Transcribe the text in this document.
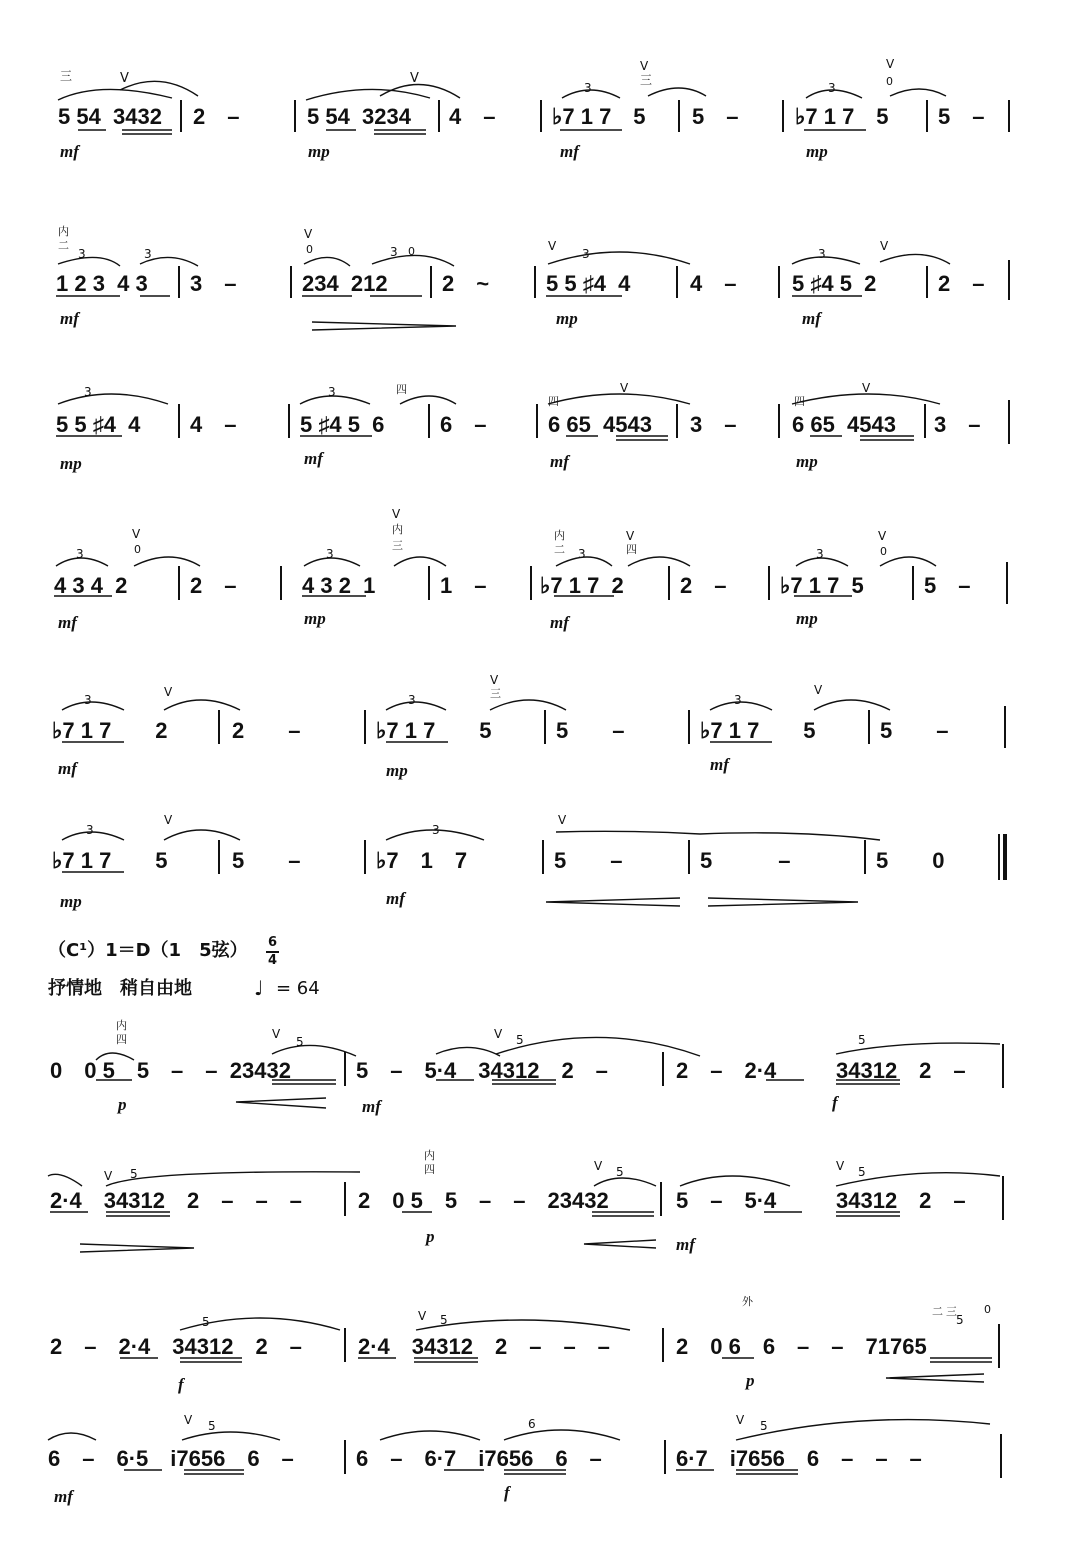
5 54  3432
mf
2　–	5 54  3234
mp
4　–	♭7 1 7　5
mf
5　–	♭7 1 7　5
mp
5　–
1 2 3  4 3
mf
3　–	234  212 2　~	5 5 ♯4  4
mp
4　–	5 ♯4 5  2
mf
2　–
5 5 ♯4  4
mp
4　–	5 ♯4 5  6
mf
6　–	6 65  4543
mf
3　–	6 65  4543
mp
3　–
4 3 4  2
mf
2　–	4 3 2  1
mp
1　– ♭7 1 7  2
mf
2　– ♭7 1 7  5
mp
5　–
♭7 1 7　　2
mf
2　　–	♭7 1 7　　5
mp
5　　–	♭7 1 7　　5
mf
5　　–
♭7 1 7　　5
mp
5　　–	♭7　1　7
mf
5　　–	5　　　–	5　　0
（C¹）1＝D（1　5弦） 6
4
抒情地　稍自由地	♩ = 64
0　0 5　5　–　–  23432
p
5　–　5·4　34312　2　–
mf
2　–　2·4	34312　2　–
f
2·4　34312　2　–　–　–	2　0 5　5　–　–　23432
p
5　–　5·4
mf
34312　2　–
2　–　2·4　34312　2　–
f
2·4　34312　2　–　–　–	2　0 6　6　–　–　71765
p
6　–　6·5　i7656　6　–
mf
6　–　6·7　i7656　6　–
f
6·7　i7656　6　–　–　–
三	V	V
3
V
三
3
V
0
内
二
3	3
V
0	3 0	V
3	3
V
3	3	四
四
V
四
V
3
V
0	3
V
内
三
内
二 3
V
四	3
V
0
3
V
3
V
三	3
V
3
V
3
V
内
四	V
5
V 5	5
V 5
内
四	V 5	V 5
5	V 5
外
二 三
5
0
V 5	6	V 5
